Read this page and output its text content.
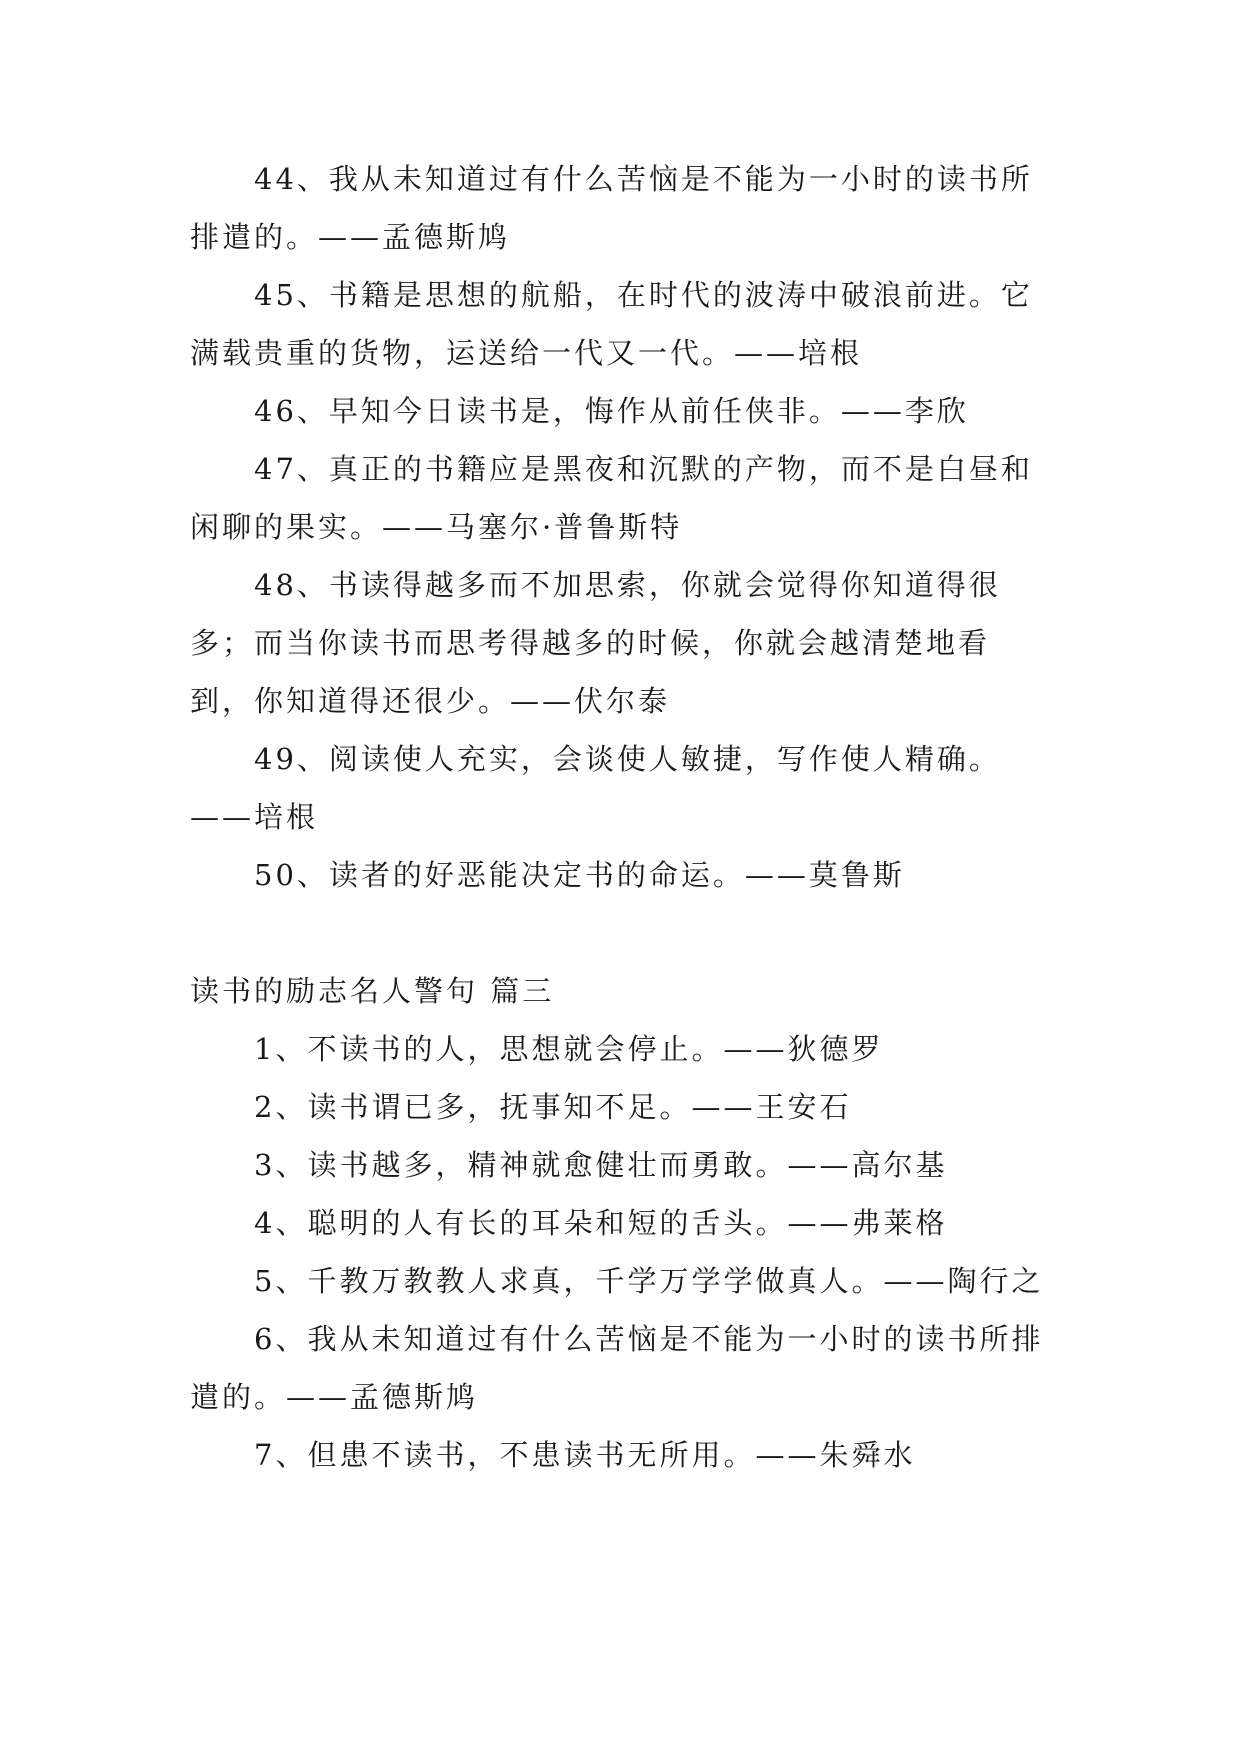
44、我从未知道过有什么苦恼是不能为一小时的读书所排遣的。——孟德斯鸠

45、书籍是思想的航船，在时代的波涛中破浪前进。它满载贵重的货物，运送给一代又一代。——培根

46、早知今日读书是，悔作从前任侠非。——李欣

47、真正的书籍应是黑夜和沉默的产物，而不是白昼和闲聊的果实。——马塞尔·普鲁斯特

48、书读得越多而不加思索，你就会觉得你知道得很多；而当你读书而思考得越多的时候，你就会越清楚地看到，你知道得还很少。——伏尔泰

49、阅读使人充实，会谈使人敏捷，写作使人精确。——培根

50、读者的好恶能决定书的命运。——莫鲁斯

读书的励志名人警句 篇三

1、不读书的人，思想就会停止。——狄德罗

2、读书谓已多，抚事知不足。——王安石

3、读书越多，精神就愈健壮而勇敢。——高尔基

4、聪明的人有长的耳朵和短的舌头。——弗莱格

5、千教万教教人求真，千学万学学做真人。——陶行之

6、我从未知道过有什么苦恼是不能为一小时的读书所排遣的。——孟德斯鸠

7、但患不读书，不患读书无所用。——朱舜水
